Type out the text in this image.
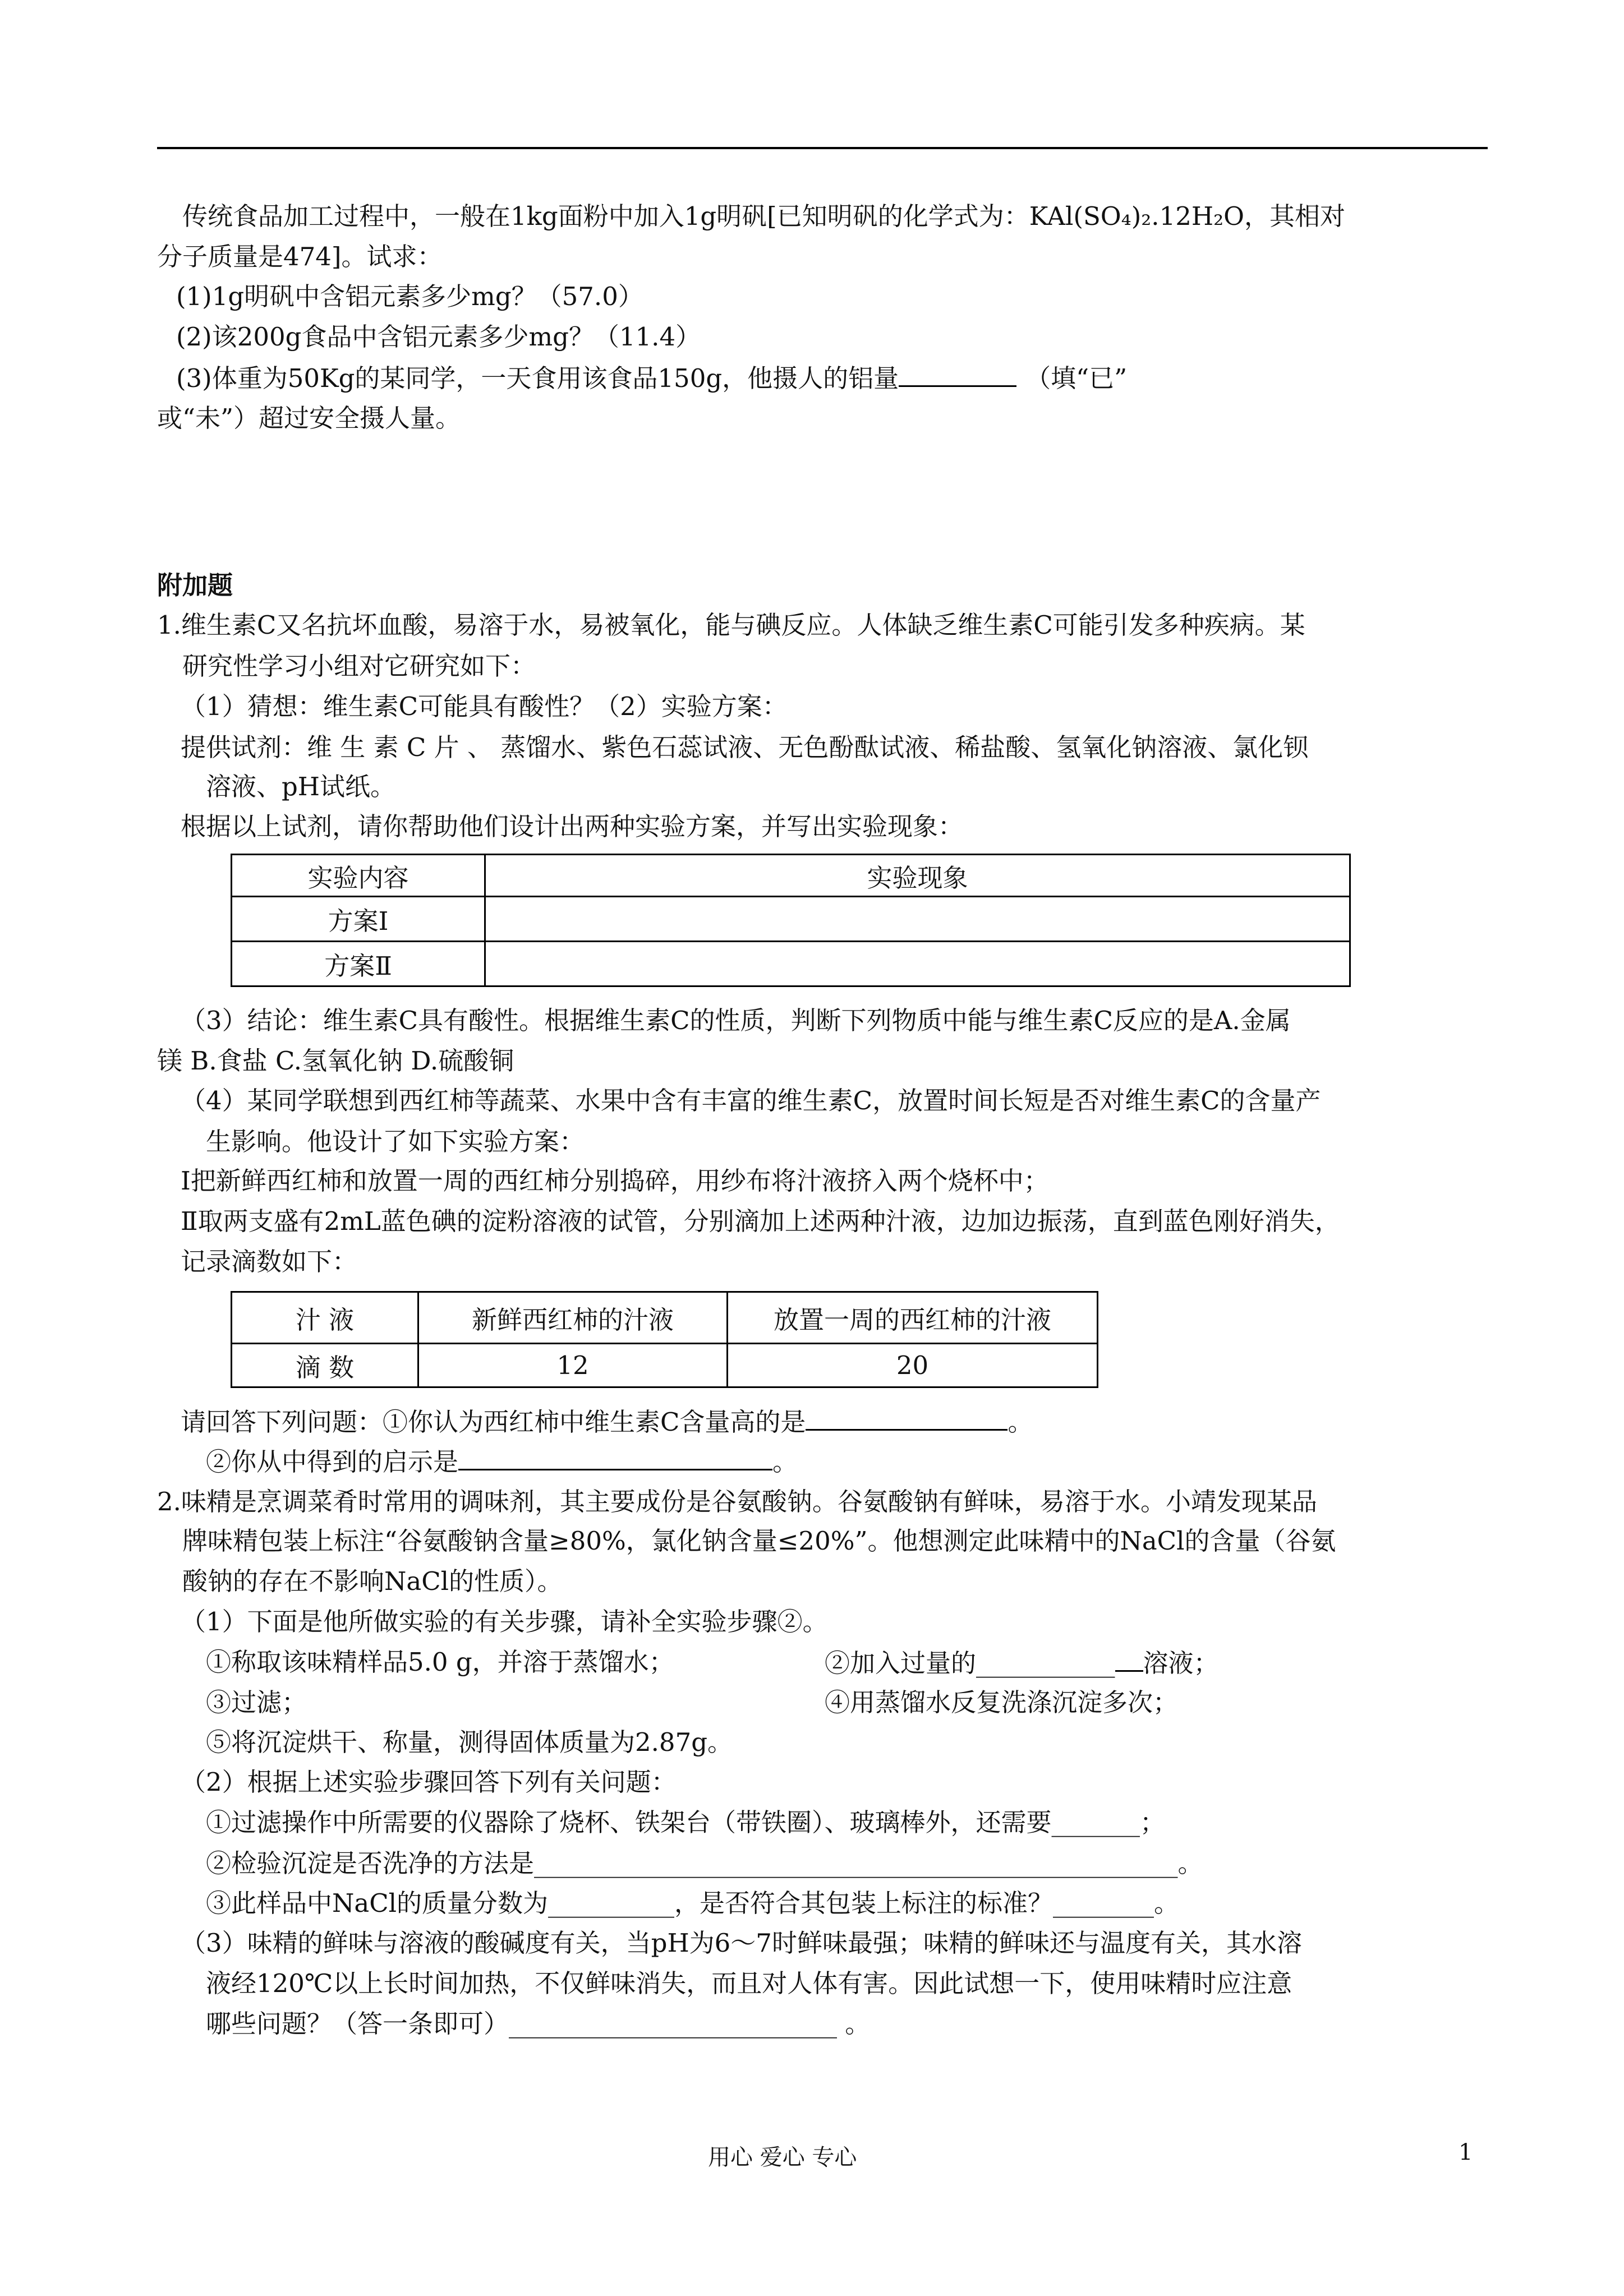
传统食品加工过程中，一般在1kg面粉中加入1g明矾[已知明矾的化学式为：KAl(SO₄)₂.12H₂O，其相对
分子质量是474]。试求：
(1)1g明矾中含铝元素多少mg？（57.0）
(2)该200g食品中含铝元素多少mg？（11.4）
(3)体重为50Kg的某同学，一天食用该食品150g，他摄人的铝量	（填“已”
或“未”）超过安全摄人量。
附加题
1.维生素C又名抗坏血酸，易溶于水，易被氧化，能与碘反应。人体缺乏维生素C可能引发多种疾病。某
研究性学习小组对它研究如下：
（1）猜想：维生素C可能具有酸性？（2）实验方案：
提供试剂：维 生 素 C 片 、 蒸馏水、紫色石蕊试液、无色酚酞试液、稀盐酸、氢氧化钠溶液、氯化钡
溶液、pH试纸。
根据以上试剂，请你帮助他们设计出两种实验方案，并写出实验现象：
实验内容	实验现象
方案Ⅰ	
方案Ⅱ	
（3）结论：维生素C具有酸性。根据维生素C的性质，判断下列物质中能与维生素C反应的是A.金属
镁 B.食盐 C.氢氧化钠 D.硫酸铜
（4）某同学联想到西红柿等蔬菜、水果中含有丰富的维生素C，放置时间长短是否对维生素C的含量产
生影响。他设计了如下实验方案：
Ⅰ把新鲜西红柿和放置一周的西红柿分别捣碎，用纱布将汁液挤入两个烧杯中；
Ⅱ取两支盛有2mL蓝色碘的淀粉溶液的试管，分别滴加上述两种汁液，边加边振荡，直到蓝色刚好消失，
记录滴数如下：
汁 液	新鲜西红柿的汁液	放置一周的西红柿的汁液
滴 数	12	20
请回答下列问题：①你认为西红柿中维生素C含量高的是	。
②你从中得到的启示是	。
2.味精是烹调菜肴时常用的调味剂，其主要成份是谷氨酸钠。谷氨酸钠有鲜味，易溶于水。小靖发现某品
牌味精包装上标注“谷氨酸钠含量≥80%，氯化钠含量≤20%”。他想测定此味精中的NaCl的含量（谷氨
酸钠的存在不影响NaCl的性质）。
（1）下面是他所做实验的有关步骤，请补全实验步骤②。
①称取该味精样品5.0 g，并溶于蒸馏水；	②加入过量的___________ 溶液；
③过滤；	④用蒸馏水反复洗涤沉淀多次；
⑤将沉淀烘干、称量，测得固体质量为2.87g。
（2）根据上述实验步骤回答下列有关问题：
①过滤操作中所需要的仪器除了烧杯、铁架台（带铁圈）、玻璃棒外，还需要_______；
②检验沉淀是否洗净的方法是___________________________________________________。
③此样品中NaCl的质量分数为__________，是否符合其包装上标注的标准？________。
（3）味精的鲜味与溶液的酸碱度有关，当pH为6～7时鲜味最强；味精的鲜味还与温度有关，其水溶
液经120℃以上长时间加热，不仅鲜味消失，而且对人体有害。因此试想一下，使用味精时应注意
哪些问题？（答一条即可）__________________________ 。
用心 爱心 专心	1
